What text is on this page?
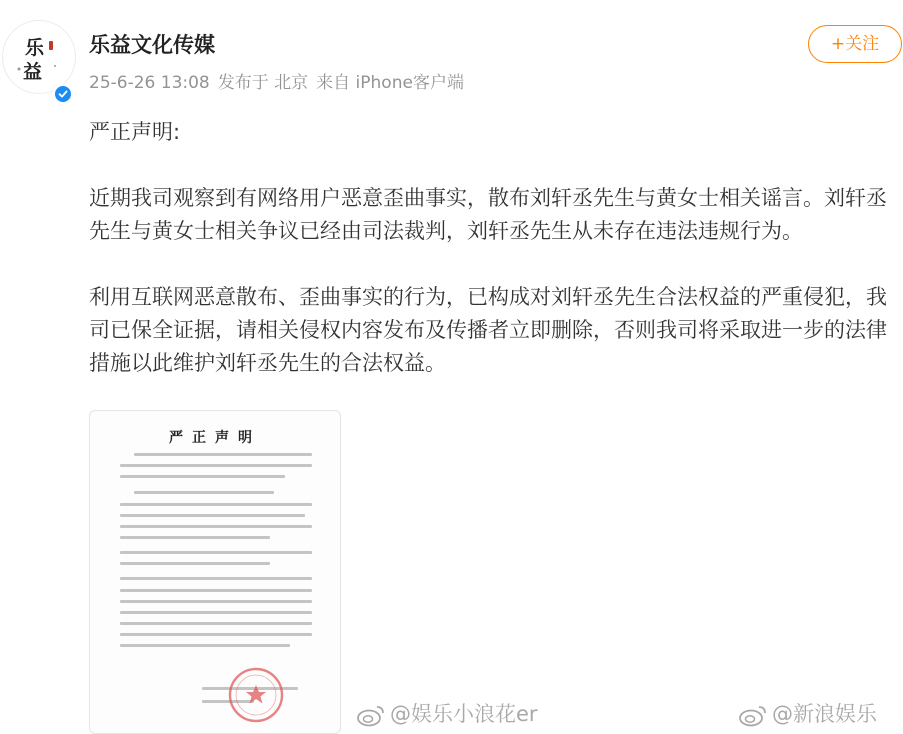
乐
益
乐益文化传媒
25-6-26 13:08 发布于 北京 来自 iPhone客户端
+关注

严正声明:

近期我司观察到有网络用户恶意歪曲事实，散布刘轩丞先生与黄女士相关谣言。刘轩丞先生与黄女士相关争议已经由司法裁判，刘轩丞先生从未存在违法违规行为。

利用互联网恶意散布、歪曲事实的行为，已构成对刘轩丞先生合法权益的严重侵犯，我司已保全证据，请相关侵权内容发布及传播者立即删除，否则我司将采取进一步的法律措施以此维护刘轩丞先生的合法权益。

严正声明
@娱乐小浪花er	@新浪娱乐
